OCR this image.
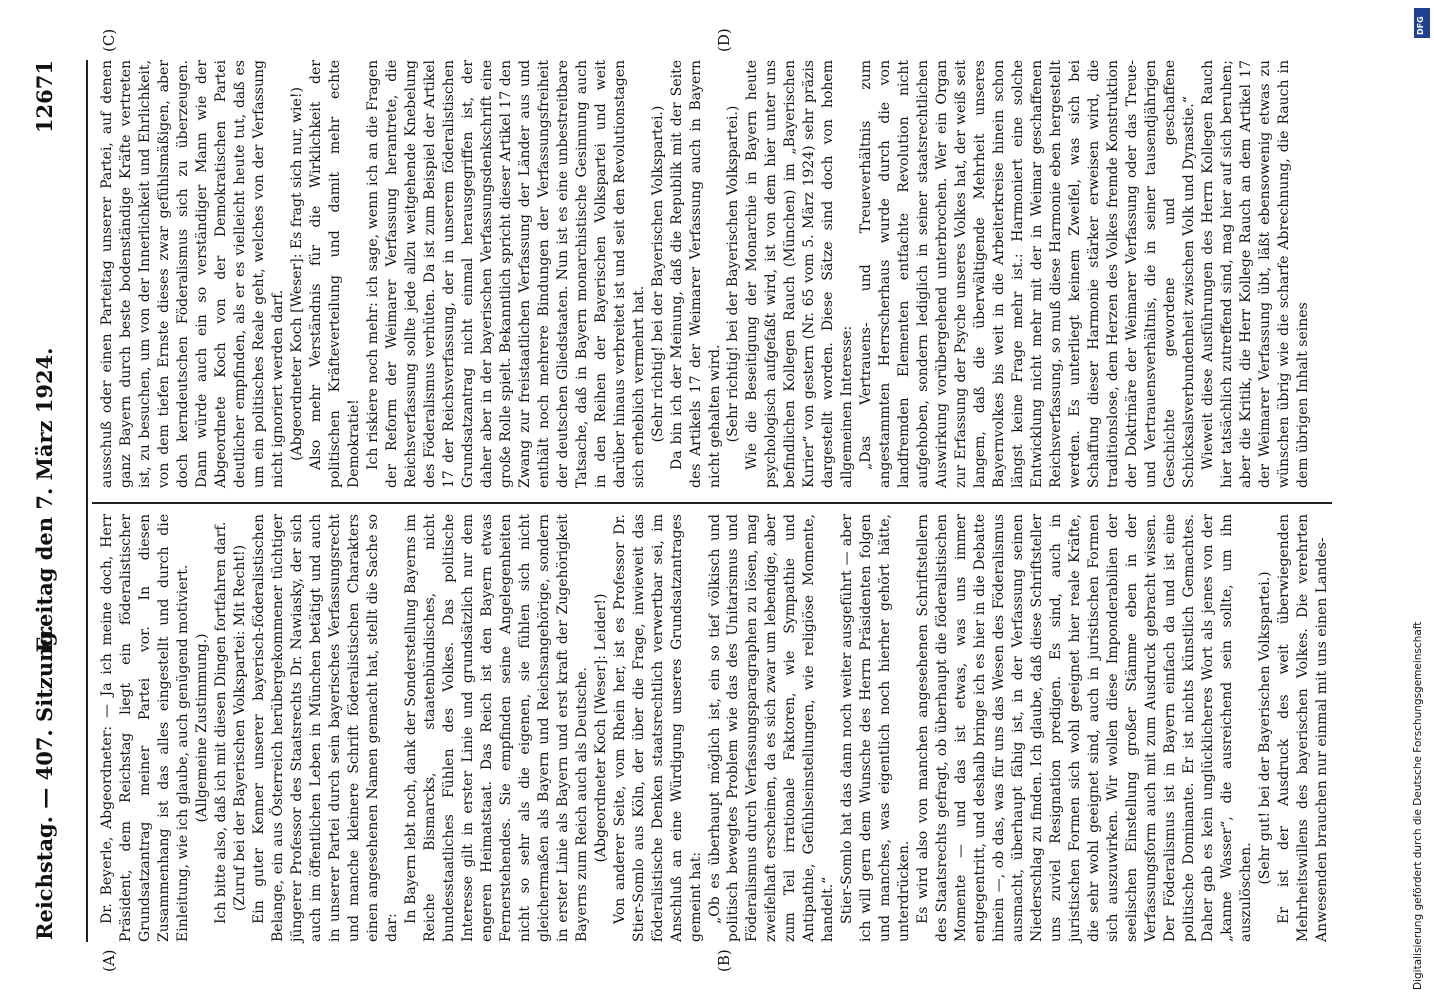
Reichstag. — 407. Sitzung.
Freitag den 7. März 1924.
12671
(A)	(B)
(C)	(D)

Dr. Beyerle, Abgeordneter: — Ja ich meine doch, Herr Präsident, dem Reichstag liegt ein föderalistischer Grundsatzantrag meiner Partei vor. In diesen Zusammenhang ist das alles eingestellt und durch die Einleitung, wie ich glaube, auch genügend motiviert. (Allgemeine Zustimmung.) Ich bitte also, daß ich mit diesen Dingen fortfahren darf. (Zuruf bei der Bayerischen Volkspartei: Mit Recht!) Ein guter Kenner unserer bayerisch-föderalistischen Belange, ein aus Österreich herübergekommener tüchtiger jüngerer Professor des Staatsrechts Dr. Nawiasky, der sich auch im öffentlichen Leben in München betätigt und auch in unserer Partei durch sein bayerisches Verfassungsrecht und manche kleinere Schrift föderalistischen Charakters einen angesehenen Namen gemacht hat, stellt die Sache so dar:

In Bayern lebt noch, dank der Sonderstellung Bayerns im Reiche Bismarcks, staatenbündisches, nicht bundesstaatliches Fühlen des Volkes. Das politische Interesse gilt in erster Linie und grundsätzlich nur dem engeren Heimatstaat. Das Reich ist den Bayern etwas Fernerstehendes. Sie empfinden seine Angelegenheiten nicht so sehr als die eigenen, sie fühlen sich nicht gleichermaßen als Bayern und Reichsangehörige, sondern in erster Linie als Bayern und erst kraft der Zugehörigkeit Bayerns zum Reich auch als Deutsche. (Abgeordneter Koch [Weser]: Leider!) Von anderer Seite, vom Rhein her, ist es Professor Dr. Stier-Somlo aus Köln, der über die Frage, inwieweit das föderalistische Denken staatsrechtlich verwertbar sei, im Anschluß an eine Würdigung unseres Grundsatzantrages gemeint hat: „Ob es überhaupt möglich ist, ein so tief völkisch und politisch bewegtes Problem wie das des Unitarismus und Föderalismus durch Verfassungsparagraphen zu lösen, mag zweifelhaft erscheinen, da es sich zwar um lebendige, aber zum Teil irrationale Faktoren, wie Sympathie und Antipathie, Gefühlseinstellungen, wie religiöse Momente, handelt.“ Stier-Somlo hat das dann noch weiter ausgeführt — aber ich will gern dem Wunsche des Herrn Präsidenten folgen und manches, was eigentlich noch hierher gehört hätte, unterdrücken. Es wird also von manchen angesehenen Schriftstellern des Staatsrechts gefragt, ob überhaupt die föderalistischen Momente — und das ist etwas, was uns immer entgegentritt, und deshalb bringe ich es hier in die Debatte hinein —, ob das, was für uns das Wesen des Föderalismus ausmacht, überhaupt fähig ist, in der Verfassung seinen Niederschlag zu finden. Ich glaube, daß diese Schriftsteller uns zuviel Resignation predigen. Es sind, auch in juristischen Formen sich wohl geeignet hier reale Kräfte, die sehr wohl geeignet sind, auch in juristischen Formen sich auszuwirken. Wir wollen diese Imponderabilien der seelischen Einstellung großer Stämme eben in der Verfassungsform auch mit zum Ausdruck gebracht wissen. Der Föderalismus ist in Bayern einfach da und ist eine politische Dominante. Er ist nichts künstlich Gemachtes. Daher gab es kein unglücklicheres Wort als jenes von der „kanne Wasser“, die ausreichend sein sollte, um ihn auszulöschen.

(Sehr gut! bei der Bayerischen Volkspartei.) Er ist der Ausdruck des weit überwiegenden Mehrheitswillens des bayerischen Volkes. Die verehrten Anwesenden brauchen nur einmal mit uns einen Landes-

ausschuß oder einen Parteitag unserer Partei, auf denen ganz Bayern durch beste bodenständige Kräfte vertreten ist, zu besuchen, um von der Innerlichkeit und Ehrlichkeit, von dem tiefen Ernste dieses zwar gefühlsmäßigen, aber doch kerndeutschen Föderalismus sich zu überzeugen. Dann würde auch ein so verständiger Mann wie der Abgeordnete Koch von der Demokratischen Partei deutlicher empfinden, als er es vielleicht heute tut, daß es um ein politisches Reale geht, welches von der Verfassung nicht ignoriert werden darf. (Abgeordneter Koch [Weser]: Es fragt sich nur, wie!) Also mehr Verständnis für die Wirklichkeit der politischen Kräfteverteilung und damit mehr echte Demokratie! Ich riskiere noch mehr: ich sage, wenn ich an die Fragen der Reform der Weimarer Verfassung herantrete, die Reichsverfassung sollte jede allzu weitgehende Knebelung des Föderalismus verhüten. Da ist zum Beispiel der Artikel 17 der Reichsverfassung, der in unserem föderalistischen Grundsatzantrag nicht einmal herausgegriffen ist, der daher aber in der bayerischen Verfassungsdenkschrift eine große Rolle spielt. Bekanntlich spricht dieser Artikel 17 den Zwang zur freistaatlichen Verfassung der Länder aus und enthält noch mehrere Bindungen der Verfassungsfreiheit der deutschen Gliedstaaten. Nun ist es eine unbestreitbare Tatsache, daß in Bayern monarchistische Gesinnung auch in den Reihen der Bayerischen Volkspartei und weit darüber hinaus verbreitet ist und seit den Revolutionstagen sich erheblich vermehrt hat. (Sehr richtig! bei der Bayerischen Volkspartei.) Da bin ich der Meinung, daß die Republik mit der Seite des Artikels 17 der Weimarer Verfassung auch in Bayern nicht gehalten wird. (Sehr richtig! bei der Bayerischen Volkspartei.) Wie die Beseitigung der Monarchie in Bayern heute psychologisch aufgefaßt wird, ist von dem hier unter uns befindlichen Kollegen Rauch (München) im „Bayerischen Kurier“ von gestern (Nr. 65 vom 5. März 1924) sehr präzis dargestellt worden. Diese Sätze sind doch von hohem allgemeinen Interesse: „Das Vertrauens- und Treueverhältnis zum angestammten Herrscherhaus wurde durch die von landfremden Elementen entfachte Revolution nicht aufgehoben, sondern lediglich in seiner staatsrechtlichen Auswirkung vorübergehend unterbrochen. Wer ein Organ zur Erfassung der Psyche unseres Volkes hat, der weiß seit langem, daß die überwältigende Mehrheit unseres Bayernvolkes bis weit in die Arbeiterkreise hinein schon längst keine Frage mehr ist.: Harmoniert eine solche Entwicklung nicht mehr mit der in Weimar geschaffenen Reichsverfassung, so muß diese Harmonie eben hergestellt werden. Es unterliegt keinem Zweifel, was sich bei Schaffung dieser Harmonie stärker erweisen wird, die traditionslose, dem Herzen des Volkes fremde Konstruktion der Doktrinäre der Weimarer Verfassung oder das Treue- und Vertrauensverhältnis, die in seiner tausendjährigen Geschichte gewordene und geschaffene Schicksalsverbundenheit zwischen Volk und Dynastie.“ Wieweit diese Ausführungen des Herrn Kollegen Rauch hier tatsächlich zutreffend sind, mag hier auf sich beruhen; aber die Kritik, die Herr Kollege Rauch an dem Artikel 17 der Weimarer Verfassung übt, läßt ebensowenig etwas zu wünschen übrig wie die scharfe Abrechnung, die Rauch in dem übrigen Inhalt seines

DFG
Digitalisierung gefördert durch die Deutsche Forschungsgemeinschaft
